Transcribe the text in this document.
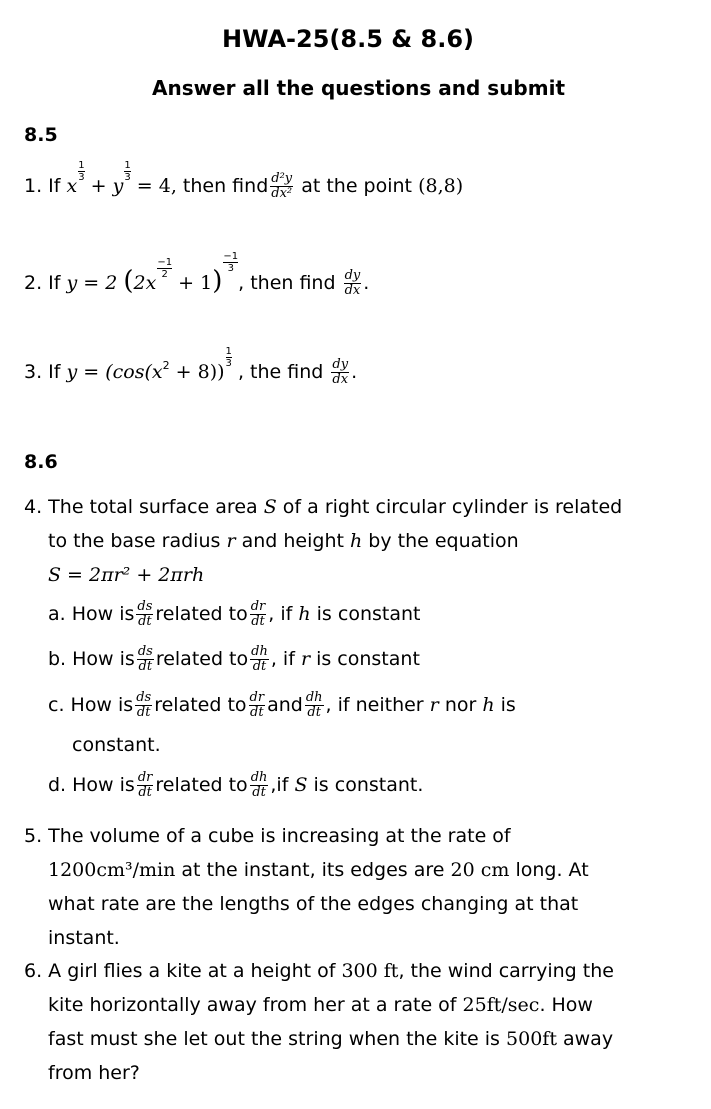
HWA-25(8.5 & 8.6)
Answer all the questions and submit
8.5
1. If x
$\frac{1}{3}$
+ y
$\frac{1}{3}$
= 4, then find $\frac{\text{d²y}}{\text{dx²}}$ at the point (8,8)
2. If y = 2 (2x
$\frac{-1}{2}$
+ 1)
$\frac{-1}{3}$
, then find $\frac{dy}{dx}$ .
3. If $y = (\cos(x^2 + 8))$
$\frac{1}{3}$
, the find $\frac{dy}{dx}$ .
8.6
4. The total surface area S of a right circular cylinder is related
to the base radius r and height h by the equation
S = 2πr² + 2πrh
a. How is $\frac{ds}{dt}$ related to $\frac{dr}{dt}$ , if h is constant
b. How is $\frac{ds}{dt}$ related to $\frac{dh}{dt}$ , if r is constant
c. How is $\frac{ds}{dt}$ related to $\frac{dr}{dt}$ and $\frac{dh}{dt}$ , if neither r nor h is
constant.
d. How is $\frac{dr}{dt}$ related to $\frac{dh}{dt} ,if$ S is constant.
5. The volume of a cube is increasing at the rate of
1200cm³/min at the instant, its edges are 20 cm long. At
what rate are the lengths of the edges changing at that
instant.
6. A girl flies a kite at a height of 300 ft, the wind carrying the
kite horizontally away from her at a rate of 25ft/sec. How
fast must she let out the string when the kite is 500ft away
from her?
